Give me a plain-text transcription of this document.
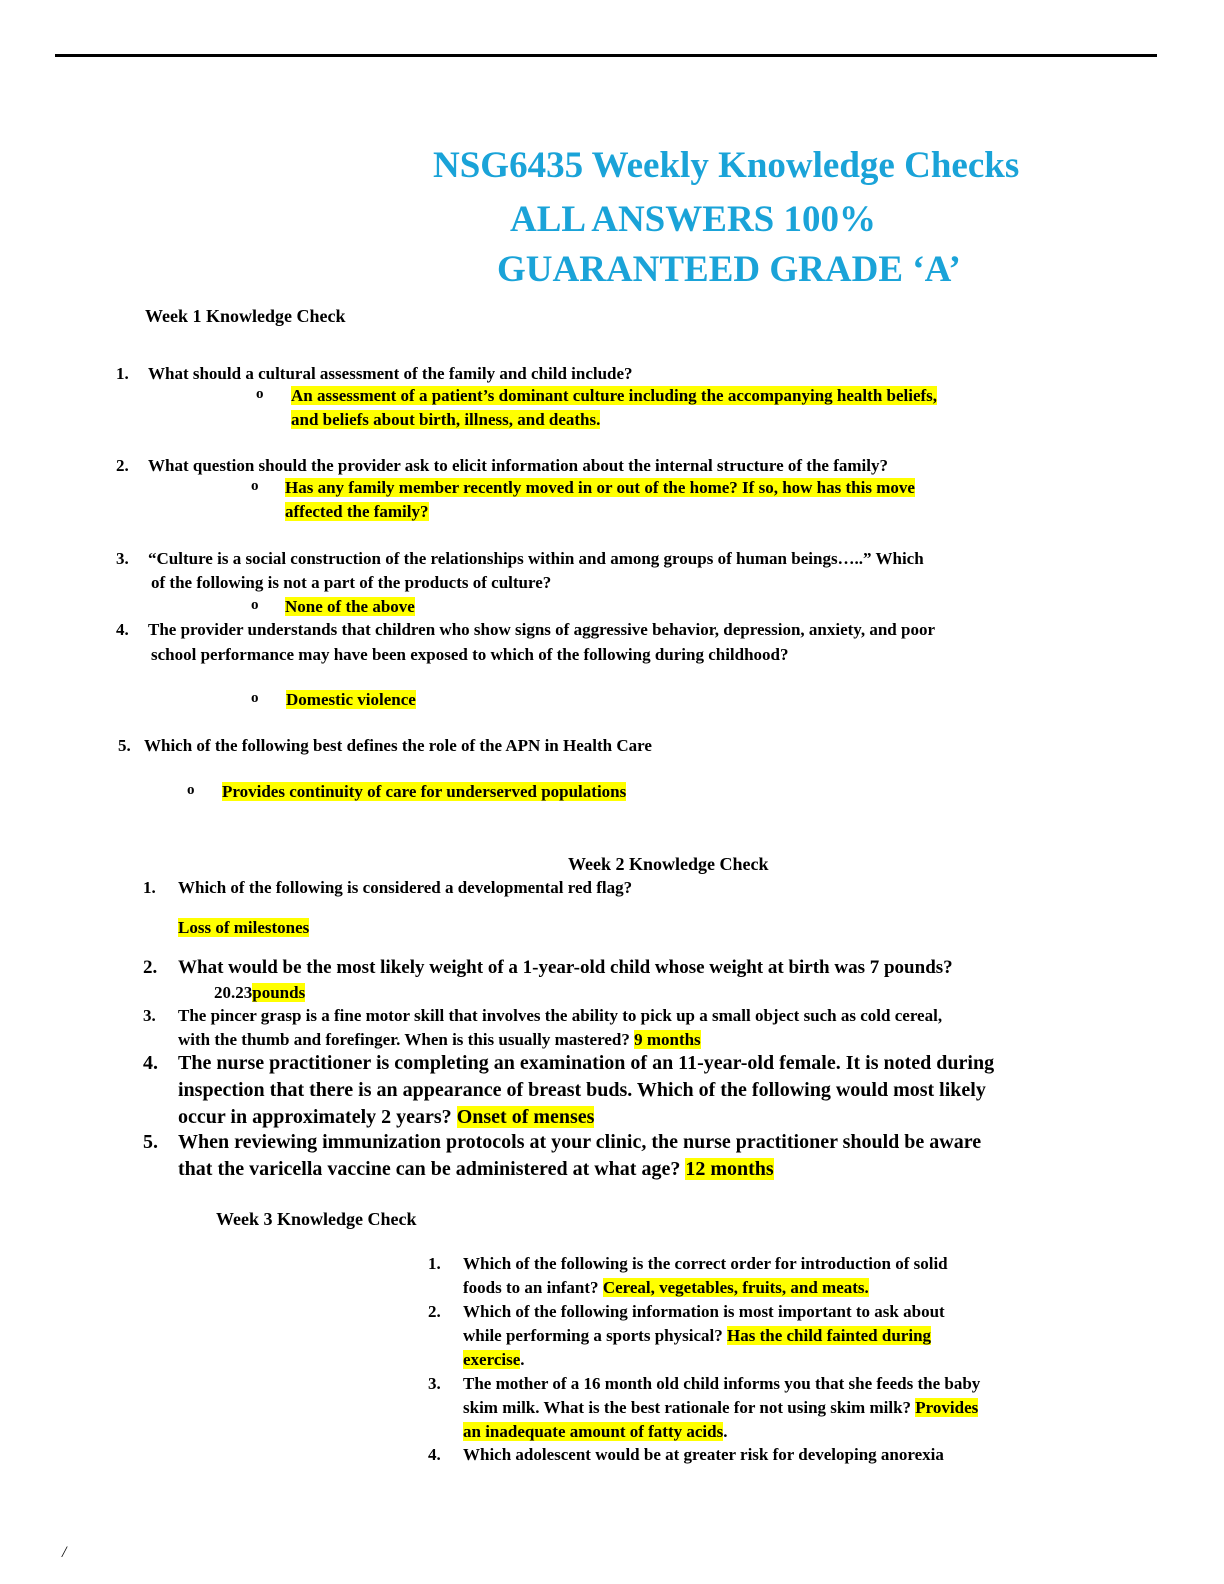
NSG6435 Weekly Knowledge Checks
ALL ANSWERS 100%
GUARANTEED GRADE ‘A’
Week 1 Knowledge Check
1.	What should a cultural assessment of the family and child include?
o An assessment of a patient’s dominant culture including the accompanying health beliefs,
and beliefs about birth, illness, and deaths.
2.	What question should the provider ask to elicit information about the internal structure of the family?
o Has any family member recently moved in or out of the home? If so, how has this move
affected the family?
3.	“Culture is a social construction of the relationships within and among groups of human beings…..” Which
of the following is not a part of the products of culture?
o None of the above
4.	The provider understands that children who show signs of aggressive behavior, depression, anxiety, and poor
school performance may have been exposed to which of the following during childhood?
o Domestic violence
5. Which of the following best defines the role of the APN in Health Care
o Provides continuity of care for underserved populations
Week 2 Knowledge Check
1.	Which of the following is considered a developmental red flag?
Loss of milestones
2.	What would be the most likely weight of a 1-year-old child whose weight at birth was 7 pounds?
20.23pounds
3.	The pincer grasp is a fine motor skill that involves the ability to pick up a small object such as cold cereal,
with the thumb and forefinger. When is this usually mastered? 9 months
4.	The nurse practitioner is completing an examination of an 11-year-old female. It is noted during
inspection that there is an appearance of breast buds. Which of the following would most likely
occur in approximately 2 years? Onset of menses
5.	When reviewing immunization protocols at your clinic, the nurse practitioner should be aware
that the varicella vaccine can be administered at what age? 12 months
Week 3 Knowledge Check
1.	Which of the following is the correct order for introduction of solid
foods to an infant? Cereal, vegetables, fruits, and meats.
2.	Which of the following information is most important to ask about
while performing a sports physical? Has the child fainted during
exercise.
3.	The mother of a 16 month old child informs you that she feeds the baby
skim milk. What is the best rationale for not using skim milk? Provides
an inadequate amount of fatty acids.
4.	Which adolescent would be at greater risk for developing anorexia
/
